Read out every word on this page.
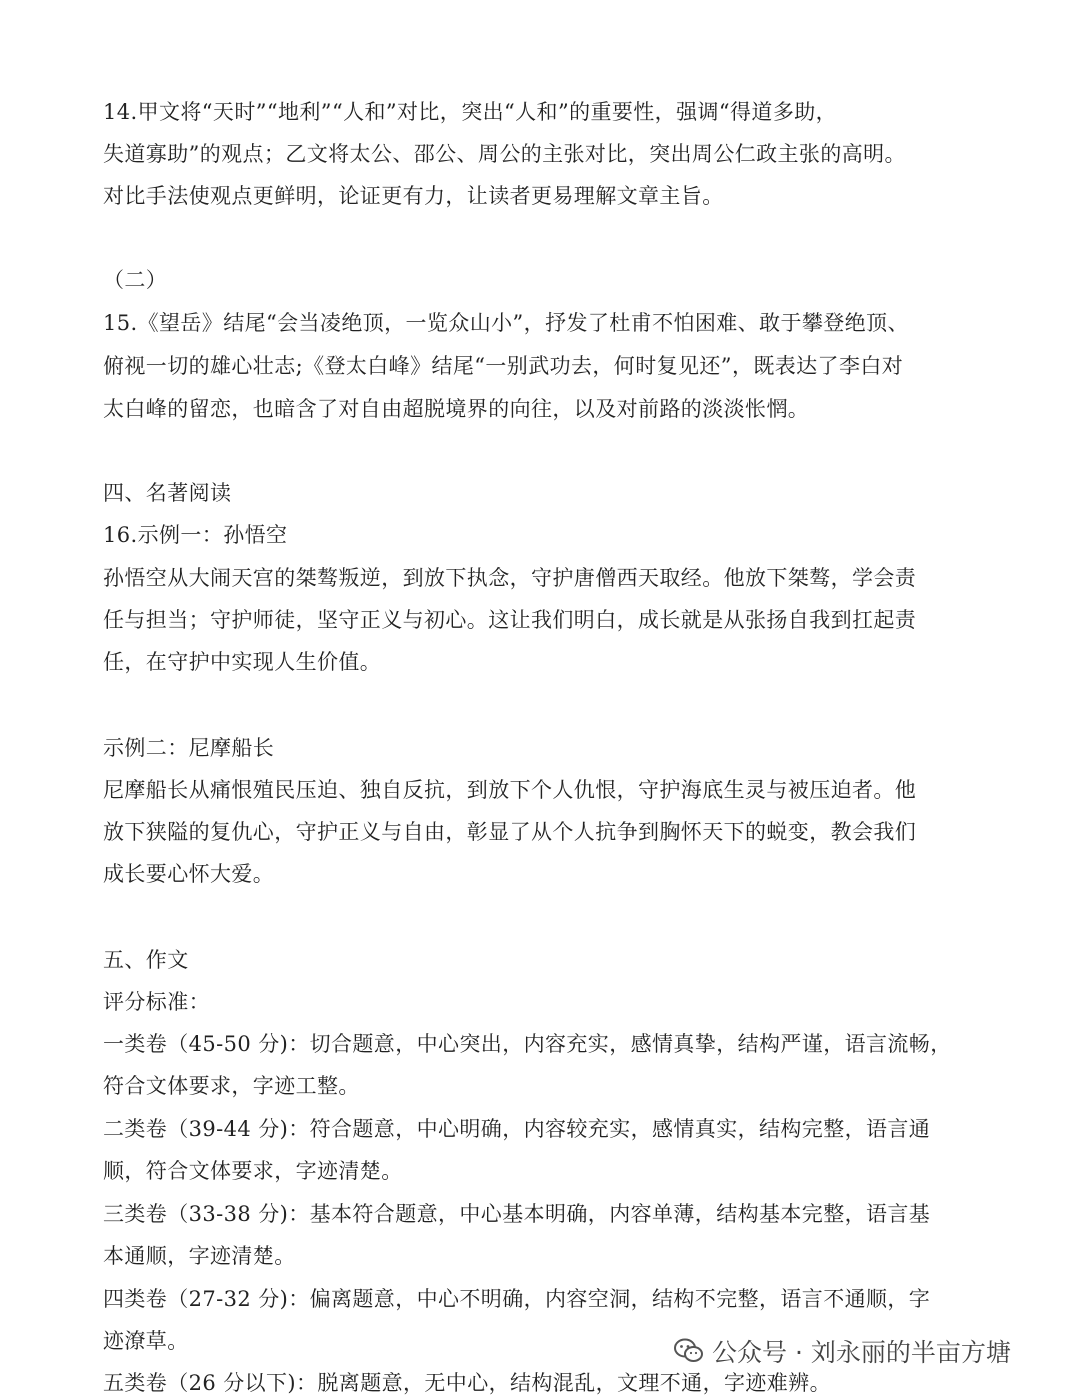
14.甲文将“天时”“地利”“人和”对比，突出“人和”的重要性，强调“得道多助，
失道寡助”的观点；乙文将太公、邵公、周公的主张对比，突出周公仁政主张的高明。
对比手法使观点更鲜明，论证更有力，让读者更易理解文章主旨。
（二）
15.《望岳》结尾“会当凌绝顶，一览众山小”，抒发了杜甫不怕困难、敢于攀登绝顶、
俯视一切的雄心壮志;《登太白峰》结尾“一别武功去，何时复见还”，既表达了李白对
太白峰的留恋，也暗含了对自由超脱境界的向往，以及对前路的淡淡怅惘。
四、名著阅读
16.示例一：孙悟空
孙悟空从大闹天宫的桀骜叛逆，到放下执念，守护唐僧西天取经。他放下桀骜，学会责
任与担当；守护师徒，坚守正义与初心。这让我们明白，成长就是从张扬自我到扛起责
任，在守护中实现人生价值。
示例二：尼摩船长
尼摩船长从痛恨殖民压迫、独自反抗，到放下个人仇恨，守护海底生灵与被压迫者。他
放下狭隘的复仇心，守护正义与自由，彰显了从个人抗争到胸怀天下的蜕变，教会我们
成长要心怀大爱。
五、作文
评分标准：
一类卷（45-50 分)：切合题意，中心突出，内容充实，感情真挚，结构严谨，语言流畅，
符合文体要求，字迹工整。
二类卷（39-44 分)：符合题意，中心明确，内容较充实，感情真实，结构完整，语言通
顺，符合文体要求，字迹清楚。
三类卷（33-38 分)：基本符合题意，中心基本明确，内容单薄，结构基本完整，语言基
本通顺，字迹清楚。
四类卷（27-32 分)：偏离题意，中心不明确，内容空洞，结构不完整，语言不通顺，字
迹潦草。
五类卷（26 分以下)：脱离题意，无中心，结构混乱，文理不通，字迹难辨。
公众号 · 刘永丽的半亩方塘
